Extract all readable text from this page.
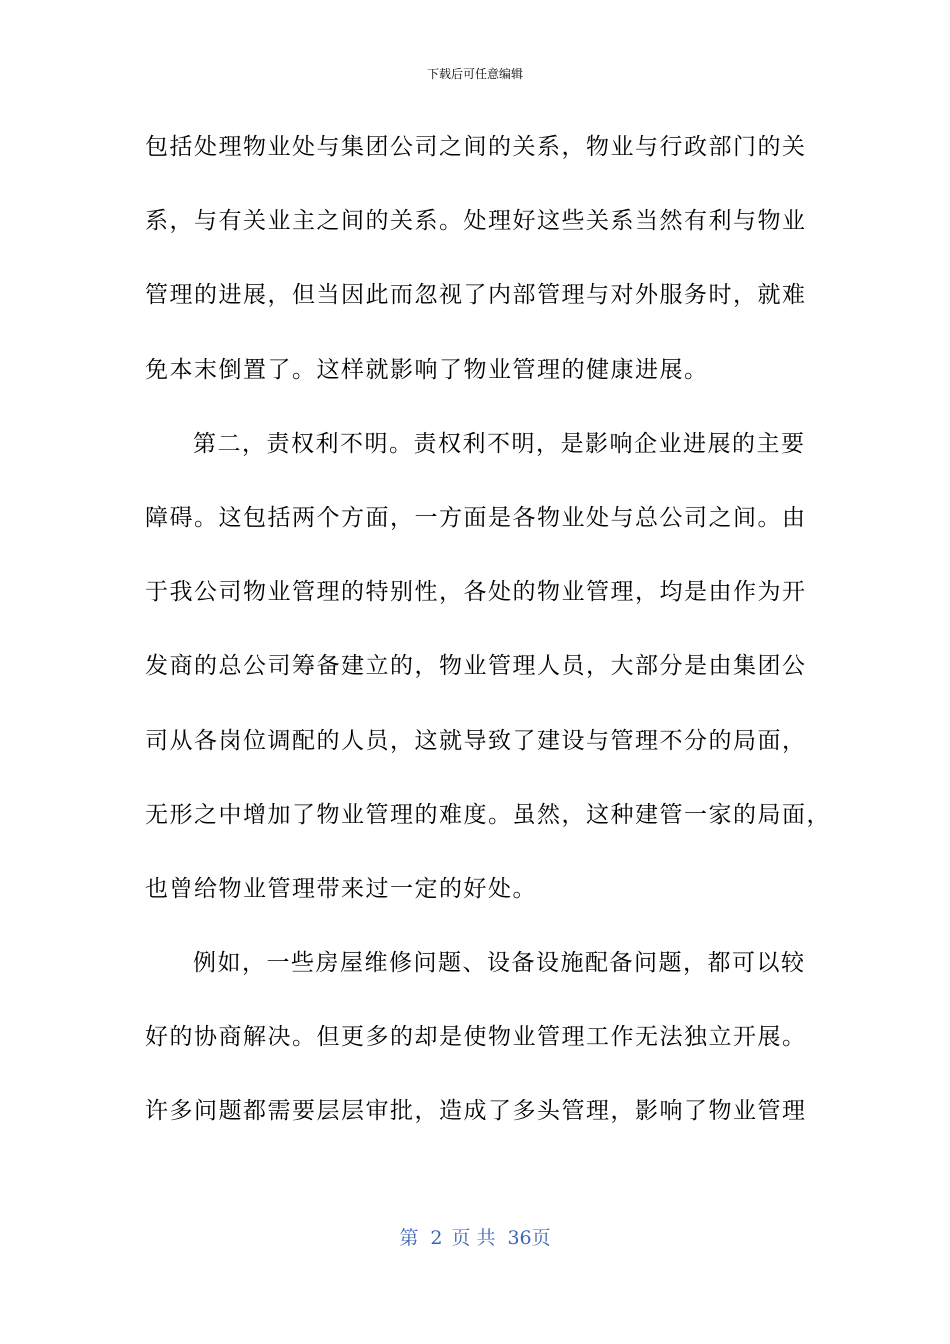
下载后可任意编辑
包括处理物业处与集团公司之间的关系，物业与行政部门的关
系，与有关业主之间的关系。处理好这些关系当然有利与物业
管理的进展，但当因此而忽视了内部管理与对外服务时，就难
免本末倒置了。这样就影响了物业管理的健康进展。
第二，责权利不明。责权利不明，是影响企业进展的主要
障碍。这包括两个方面，一方面是各物业处与总公司之间。由
于我公司物业管理的特别性，各处的物业管理，均是由作为开
发商的总公司筹备建立的，物业管理人员，大部分是由集团公
司从各岗位调配的人员，这就导致了建设与管理不分的局面，
无形之中增加了物业管理的难度。虽然，这种建管一家的局面，
也曾给物业管理带来过一定的好处。
例如，一些房屋维修问题、设备设施配备问题，都可以较
好的协商解决。但更多的却是使物业管理工作无法独立开展。
许多问题都需要层层审批，造成了多头管理，影响了物业管理
第 2 页 共 36页
